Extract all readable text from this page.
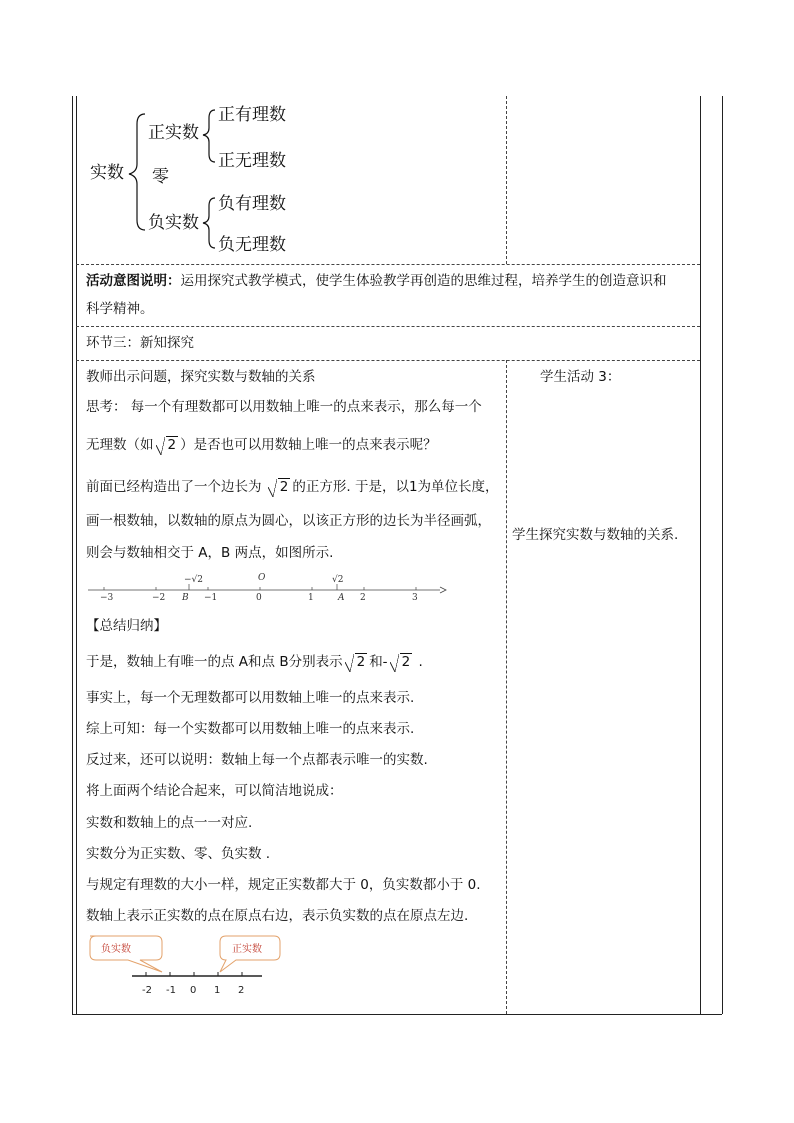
实数
正实数
零
负实数
正有理数
正无理数
负有理数
负无理数
活动意图说明：运用探究式教学模式，使学生体验教学再创造的思维过程，培养学生的创造意识和
科学精神。
环节三：新知探究
教师出示问题，探究实数与数轴的关系
思考： 每一个有理数都可以用数轴上唯一的点来表示，那么每一个
无理数（如 2 ）是否也可以用数轴上唯一的点来表示呢？
前面已经构造出了一个边长为 2 的正方形. 于是，以1为单位长度，
画一根数轴，以数轴的原点为圆心，以该正方形的边长为半径画弧，
则会与数轴相交于 A，B 两点，如图所示.
−3	−2	−1	0	1	2	3
O
B	A
−√2	√2
【总结归纳】
于是，数轴上有唯一的点 A和点 B分别表示 2 和- 2 .
事实上，每一个无理数都可以用数轴上唯一的点来表示.
综上可知：每一个实数都可以用数轴上唯一的点来表示.
反过来，还可以说明：数轴上每一个点都表示唯一的实数.
将上面两个结论合起来，可以简洁地说成：
实数和数轴上的点一一对应.
实数分为正实数、零、负实数 .
与规定有理数的大小一样，规定正实数都大于 0，负实数都小于 0.
数轴上表示正实数的点在原点右边，表示负实数的点在原点左边.
负实数	正实数
-2 -1 0 1 2
学生活动 3：
学生探究实数与数轴的关系.
